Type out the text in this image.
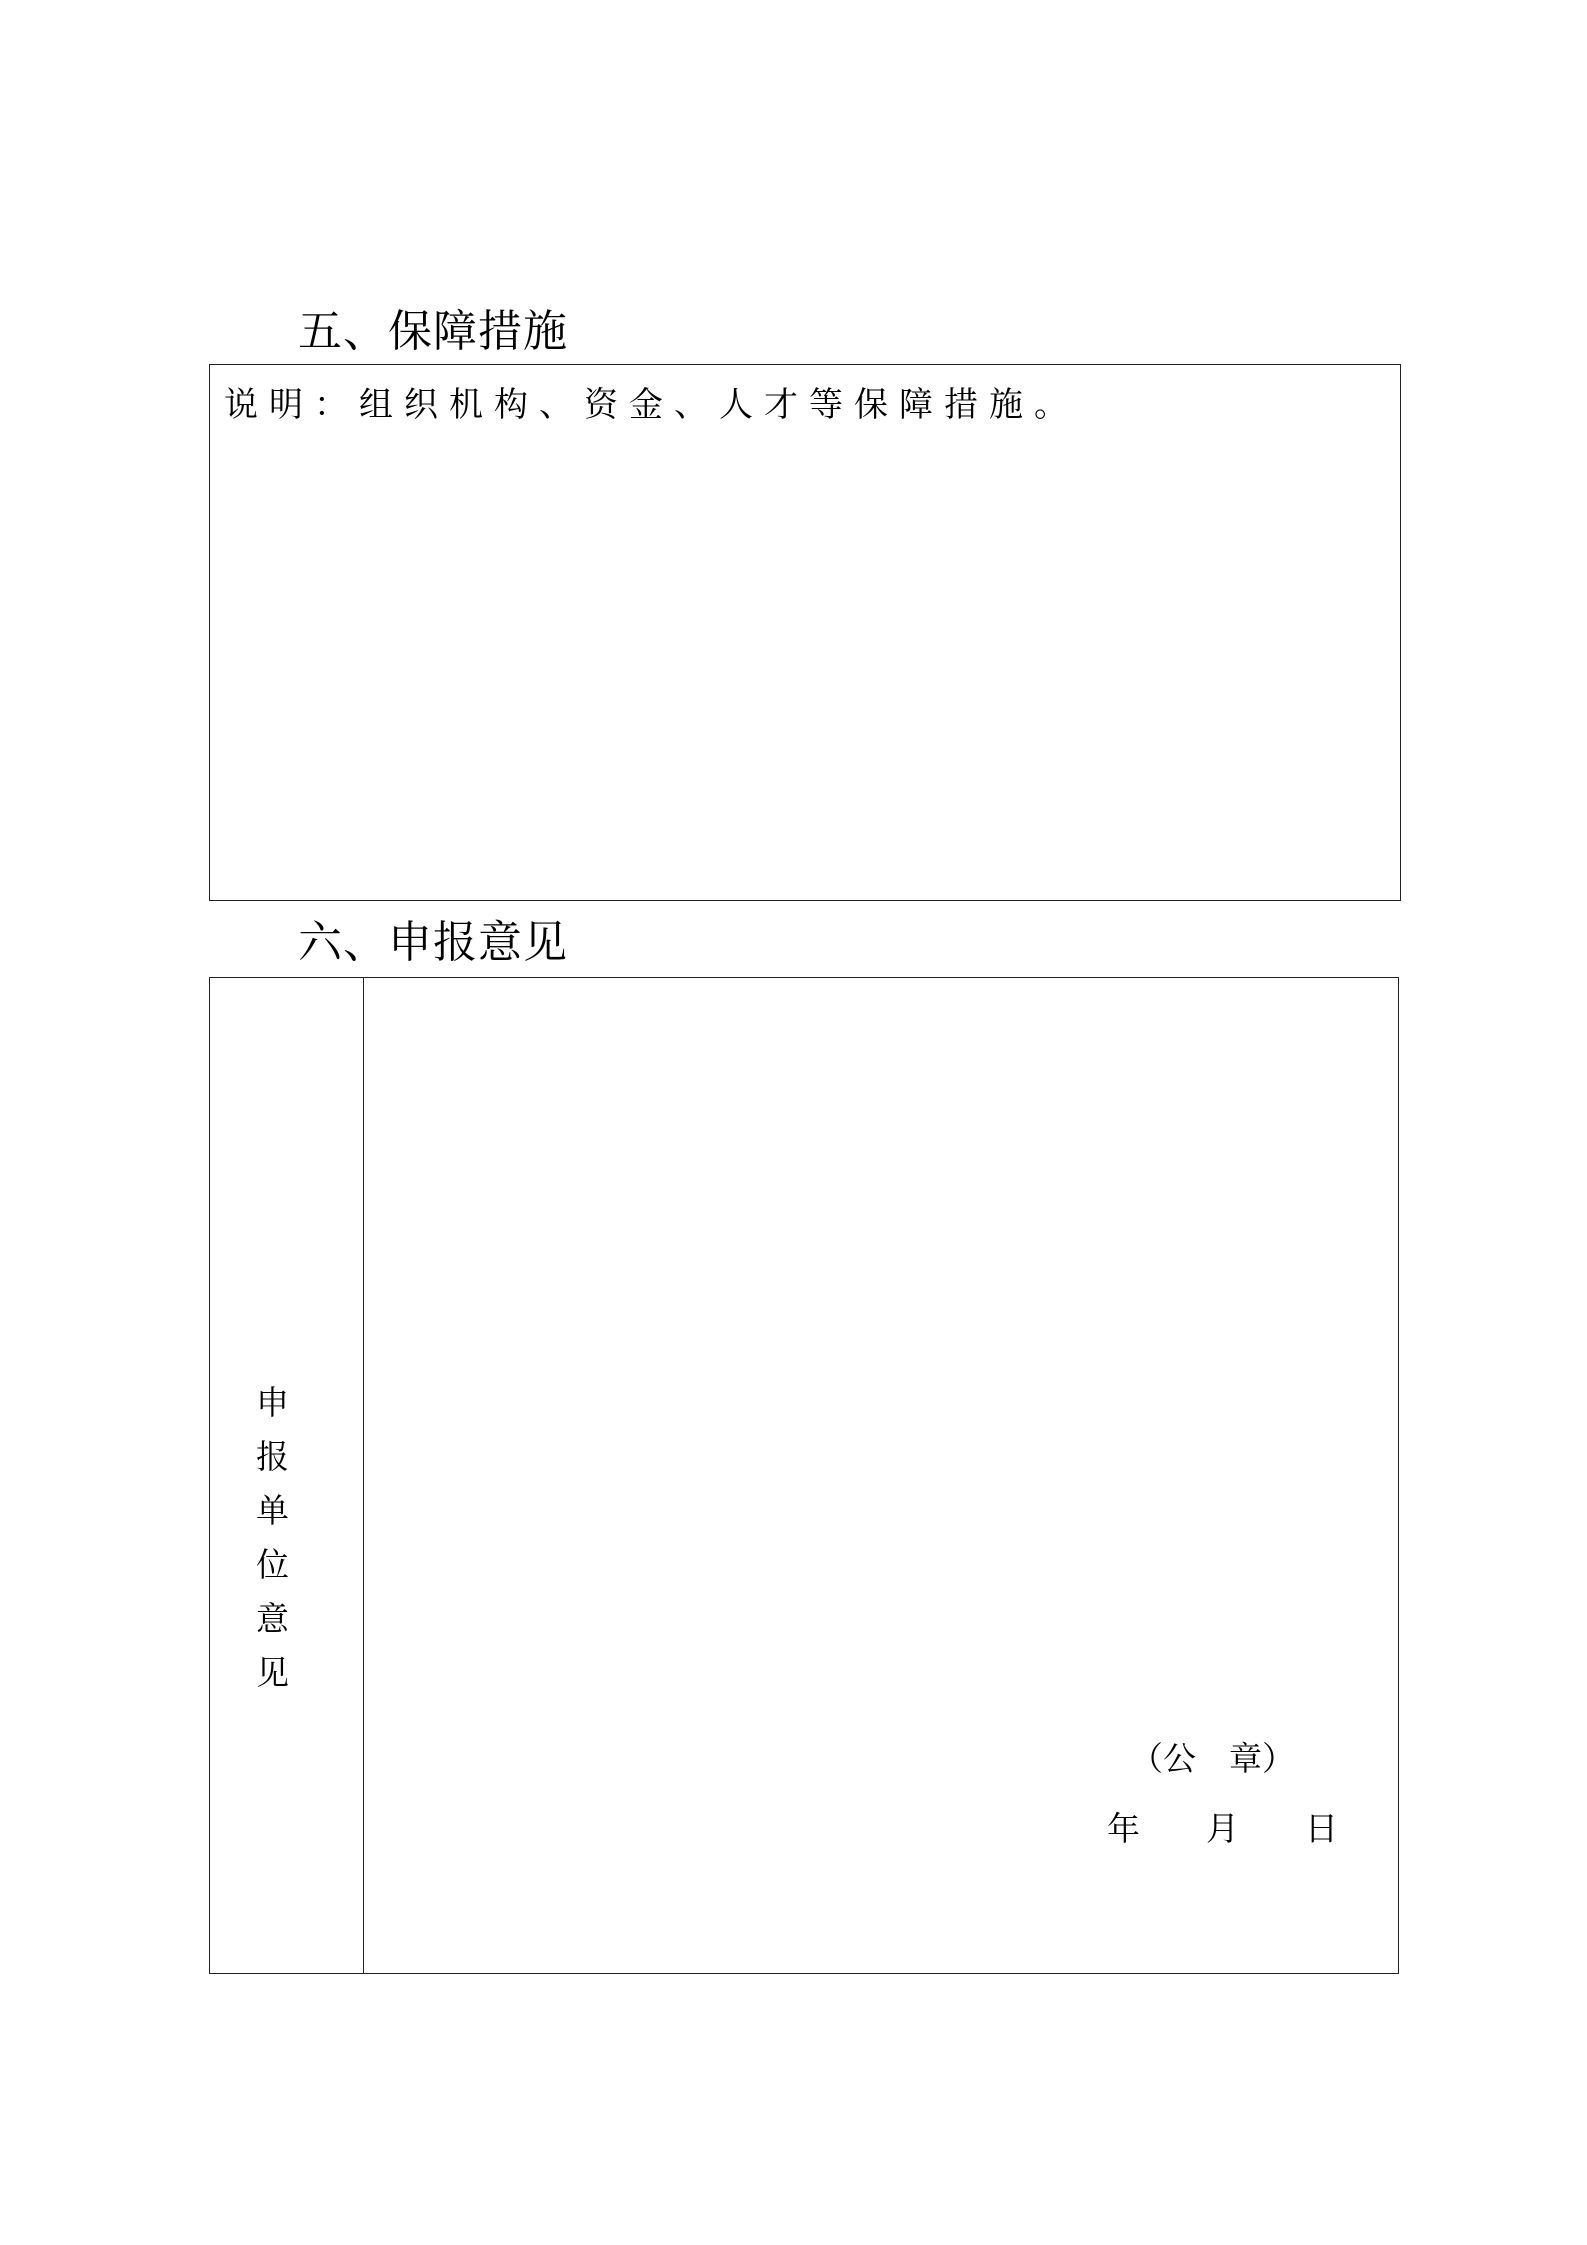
五、保障措施
说明：组织机构、资金、人才等保障措施。
六、申报意见
申报单位意见
（公　章）
年　　月　　日
